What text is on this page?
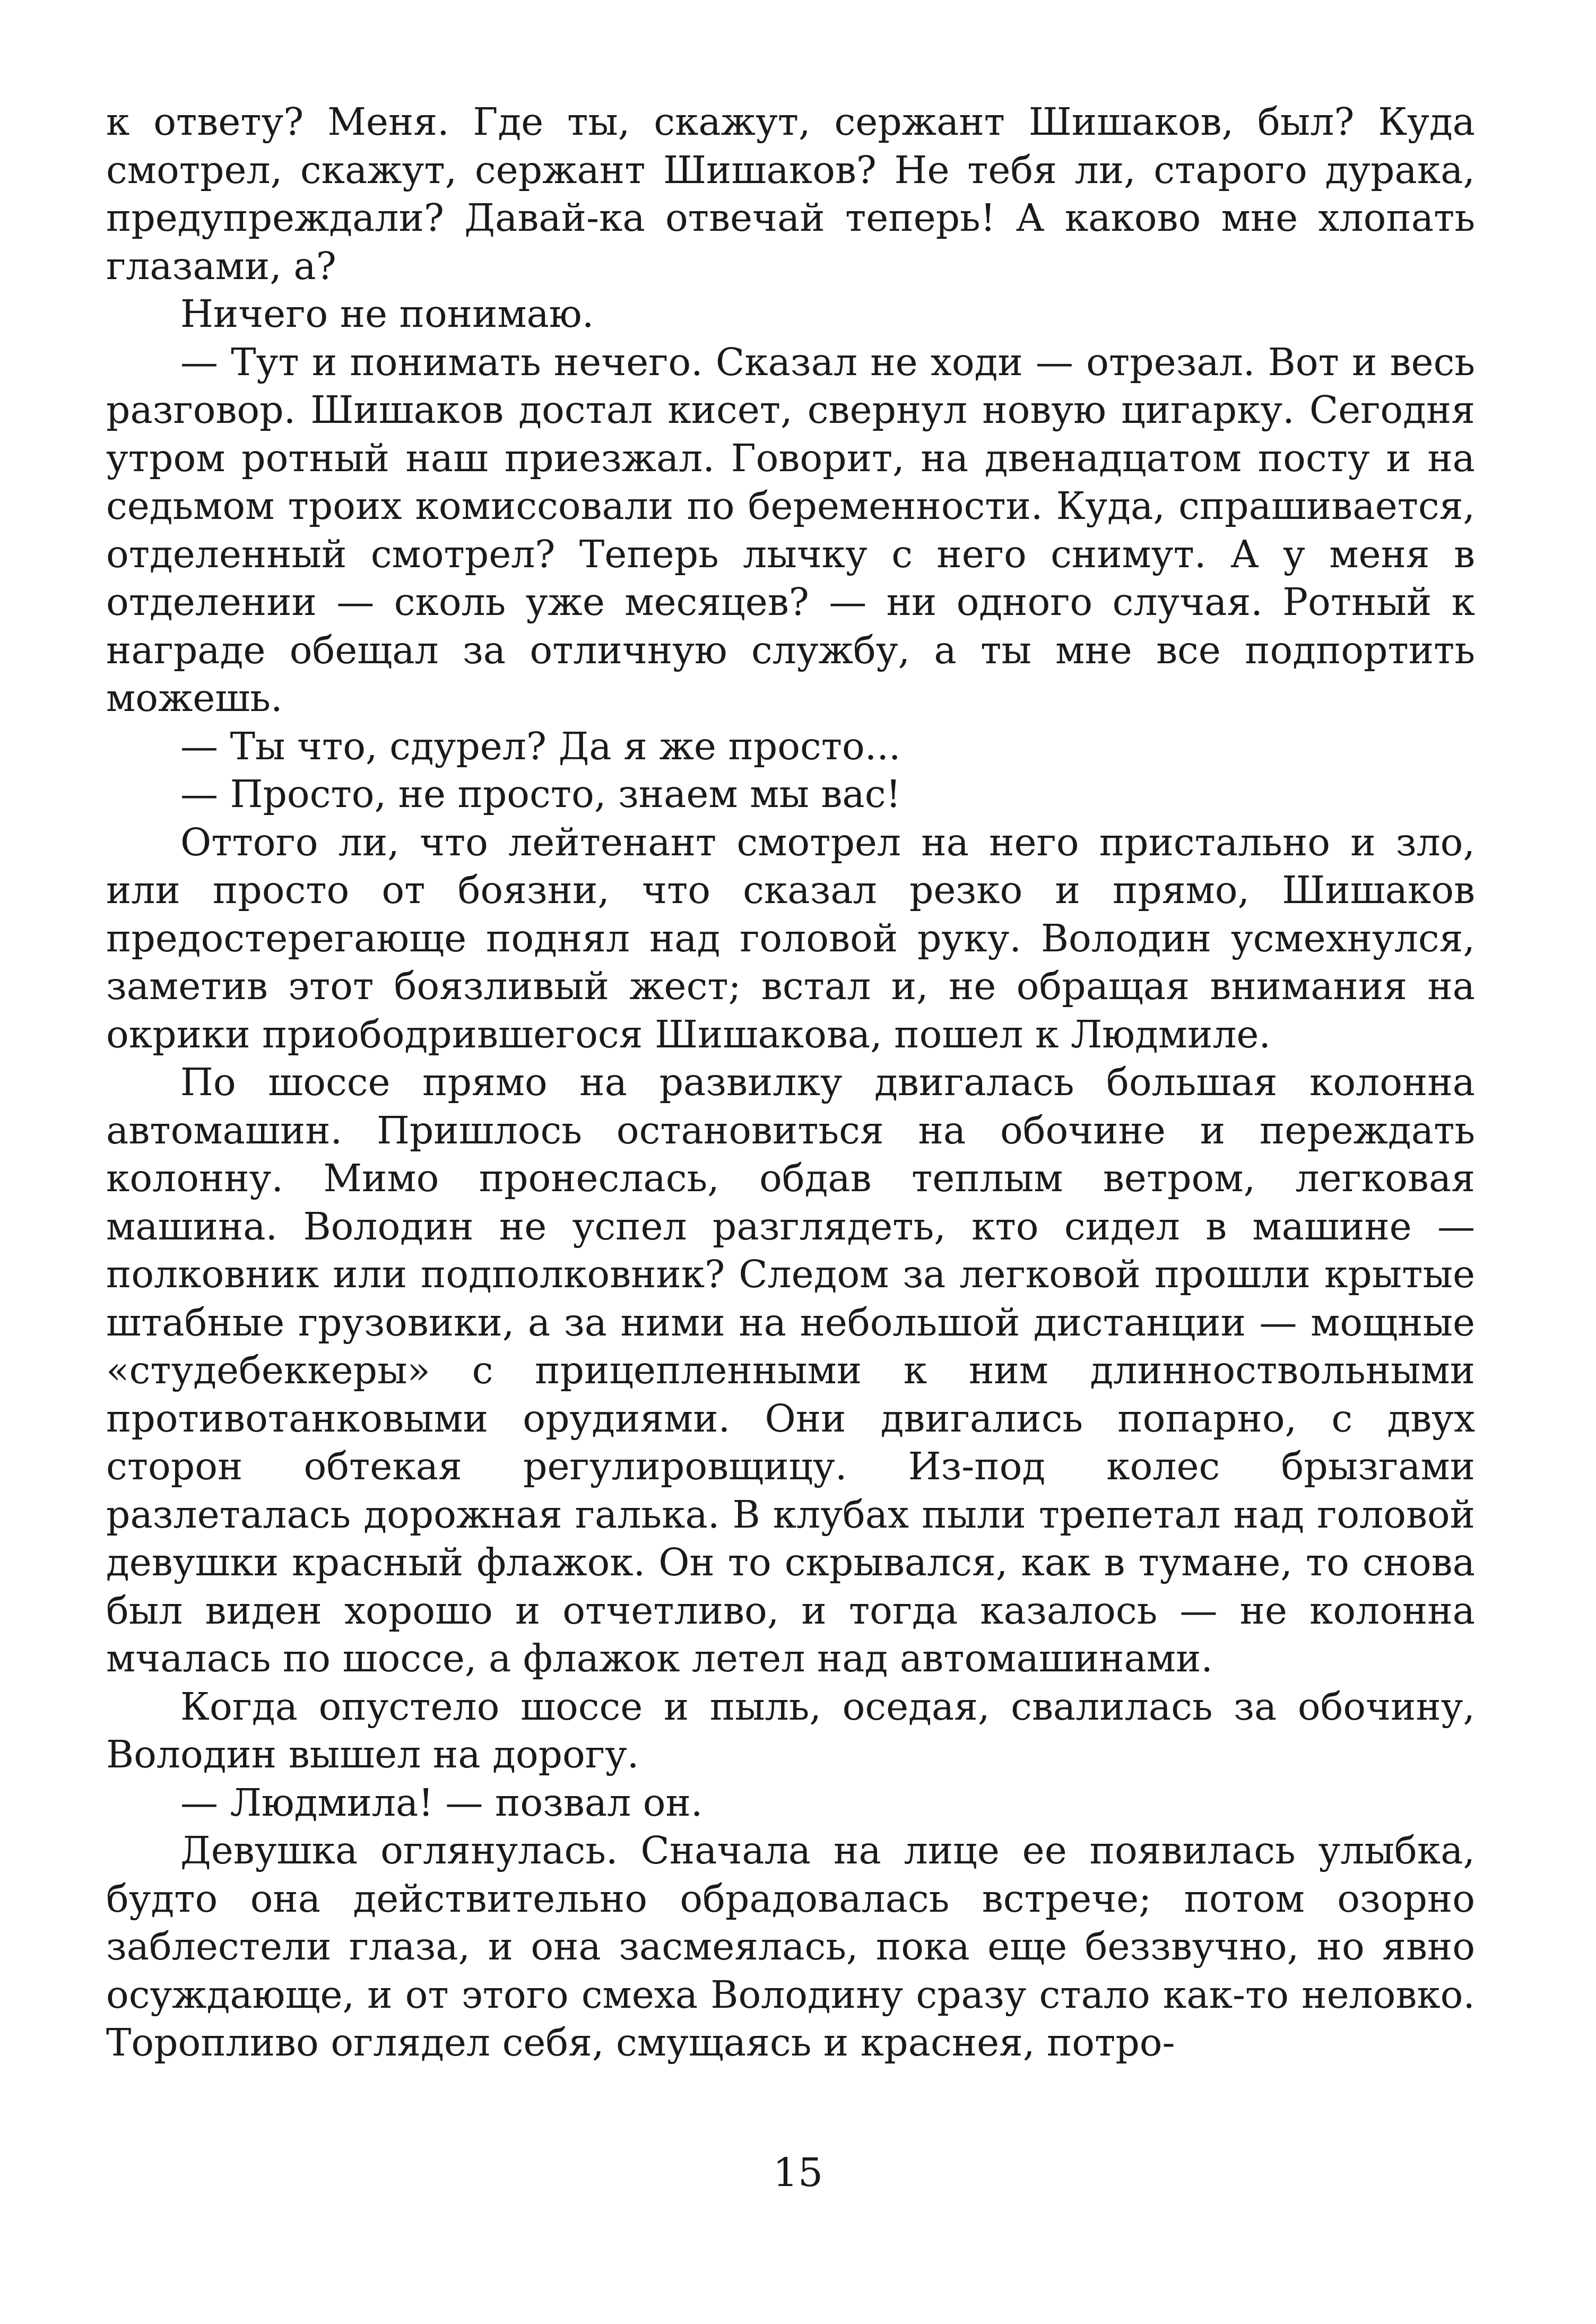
к ответу? Меня. Где ты, скажут, сержант Шишаков, был? Куда смотрел, скажут, сержант Шишаков? Не тебя ли, старого дурака, предупреждали? Давай-ка отвечай теперь! А каково мне хлопать глазами, а?

Ничего не понимаю.

— Тут и понимать нечего. Сказал не ходи — отрезал. Вот и весь разговор. Шишаков достал кисет, свернул новую цигарку. Сегодня утром ротный наш приезжал. Говорит, на двенадцатом посту и на седьмом троих комиссовали по беременности. Куда, спрашивается, отделенный смотрел? Теперь лычку с него снимут. А у меня в отделении — сколь уже месяцев? — ни одного случая. Ротный к награде обещал за отличную службу, а ты мне все подпортить можешь.

— Ты что, сдурел? Да я же просто...

— Просто, не просто, знаем мы вас!

Оттого ли, что лейтенант смотрел на него пристально и зло, или просто от боязни, что сказал резко и прямо, Шишаков предостерегающе поднял над головой руку. Володин усмехнулся, заметив этот боязливый жест; встал и, не обращая внимания на окрики приободрившегося Шишакова, пошел к Людмиле.

По шоссе прямо на развилку двигалась большая колонна автомашин. Пришлось остановиться на обочине и переждать колонну. Мимо пронеслась, обдав теплым ветром, легковая машина. Володин не успел разглядеть, кто сидел в машине — полковник или подполковник? Следом за легковой прошли крытые штабные грузовики, а за ними на небольшой дистанции — мощные «студебеккеры» с прицепленными к ним длинноствольными противотанковыми орудиями. Они двигались попарно, с двух сторон обтекая регулировщицу. Из-под колес брызгами разлеталась дорожная галька. В клубах пыли трепетал над головой девушки красный флажок. Он то скрывался, как в тумане, то снова был виден хорошо и отчетливо, и тогда казалось — не колонна мчалась по шоссе, а флажок летел над автомашинами.

Когда опустело шоссе и пыль, оседая, свалилась за обочину, Володин вышел на дорогу.

— Людмила! — позвал он.

Девушка оглянулась. Сначала на лице ее появилась улыбка, будто она действительно обрадовалась встрече; потом озорно заблестели глаза, и она засмеялась, пока еще беззвучно, но явно осуждающе, и от этого смеха Володину сразу стало как-то неловко. Торопливо оглядел себя, смущаясь и краснея, потро-

15
